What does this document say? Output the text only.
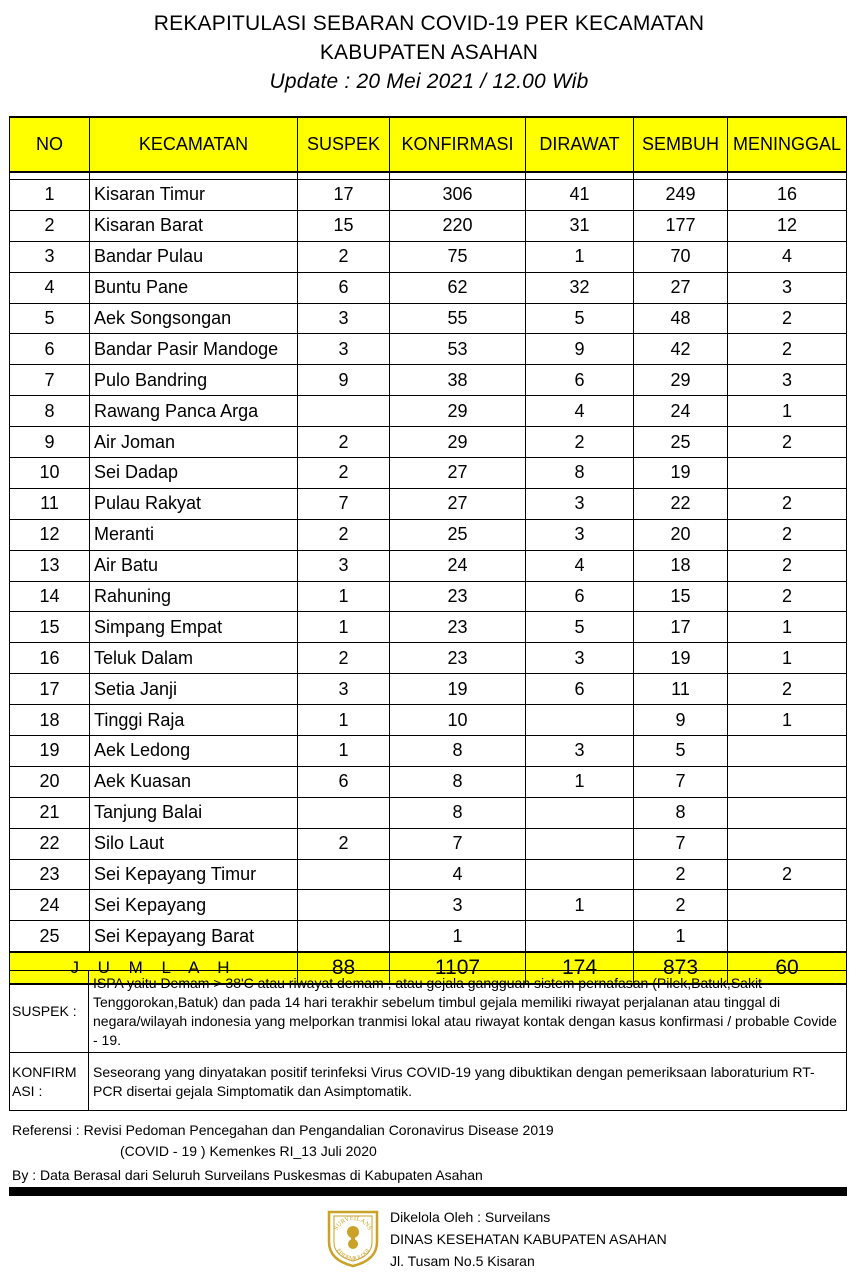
REKAPITULASI SEBARAN COVID-19 PER KECAMATAN
KABUPATEN ASAHAN
Update : 20 Mei 2021 / 12.00 Wib
NO	KECAMATAN	SUSPEK	KONFIRMASI	DIRAWAT	SEMBUH	MENINGGAL

1	Kisaran Timur	17	306	41	249	16
2	Kisaran Barat	15	220	31	177	12
3	Bandar Pulau	2	75	1	70	4
4	Buntu Pane	6	62	32	27	3
5	Aek Songsongan	3	55	5	48	2
6	Bandar Pasir Mandoge	3	53	9	42	2
7	Pulo Bandring	9	38	6	29	3
8	Rawang Panca Arga		29	4	24	1
9	Air Joman	2	29	2	25	2
10	Sei Dadap	2	27	8	19	
11	Pulau Rakyat	7	27	3	22	2
12	Meranti	2	25	3	20	2
13	Air Batu	3	24	4	18	2
14	Rahuning	1	23	6	15	2
15	Simpang Empat	1	23	5	17	1
16	Teluk Dalam	2	23	3	19	1
17	Setia Janji	3	19	6	11	2
18	Tinggi Raja	1	10		9	1
19	Aek Ledong	1	8	3	5	
20	Aek Kuasan	6	8	1	7	
21	Tanjung Balai		8		8	
22	Silo Laut	2	7		7	
23	Sei Kepayang Timur		4		2	2
24	Sei Kepayang		3	1	2	
25	Sei Kepayang Barat		1		1	
J U M L A H		88	1107	174	873	60
SUSPEK :	ISPA yaitu Demam > 38'C atau riwayat demam ; atau gejala gangguan sistem pernafasan (Pilek,Batuk,Sakit Tenggorokan,Batuk) dan pada 14 hari terakhir sebelum timbul gejala memiliki riwayat perjalanan atau tinggal di negara/wilayah indonesia yang melporkan tranmisi lokal atau riwayat kontak dengan kasus konfirmasi / probable Covide - 19.
KONFIRM ASI :	Seseorang yang dinyatakan positif terinfeksi Virus COVID-19 yang dibuktikan dengan pemeriksaan laboraturium RT-PCR disertai gejala Simptomatik dan Asimptomatik.
Referensi : Revisi Pedoman Pencegahan dan Pengandalian Coronavirus Disease 2019
(COVID - 19 ) Kemenkes RI_13 Juli 2020
By : Data Berasal dari Seluruh Surveilans Puskesmas di Kabupaten Asahan
SURVEILANS
EPIDEMIOLOGI
Dikelola Oleh : Surveilans
DINAS KESEHATAN KABUPATEN ASAHAN
Jl. Tusam No.5 Kisaran
